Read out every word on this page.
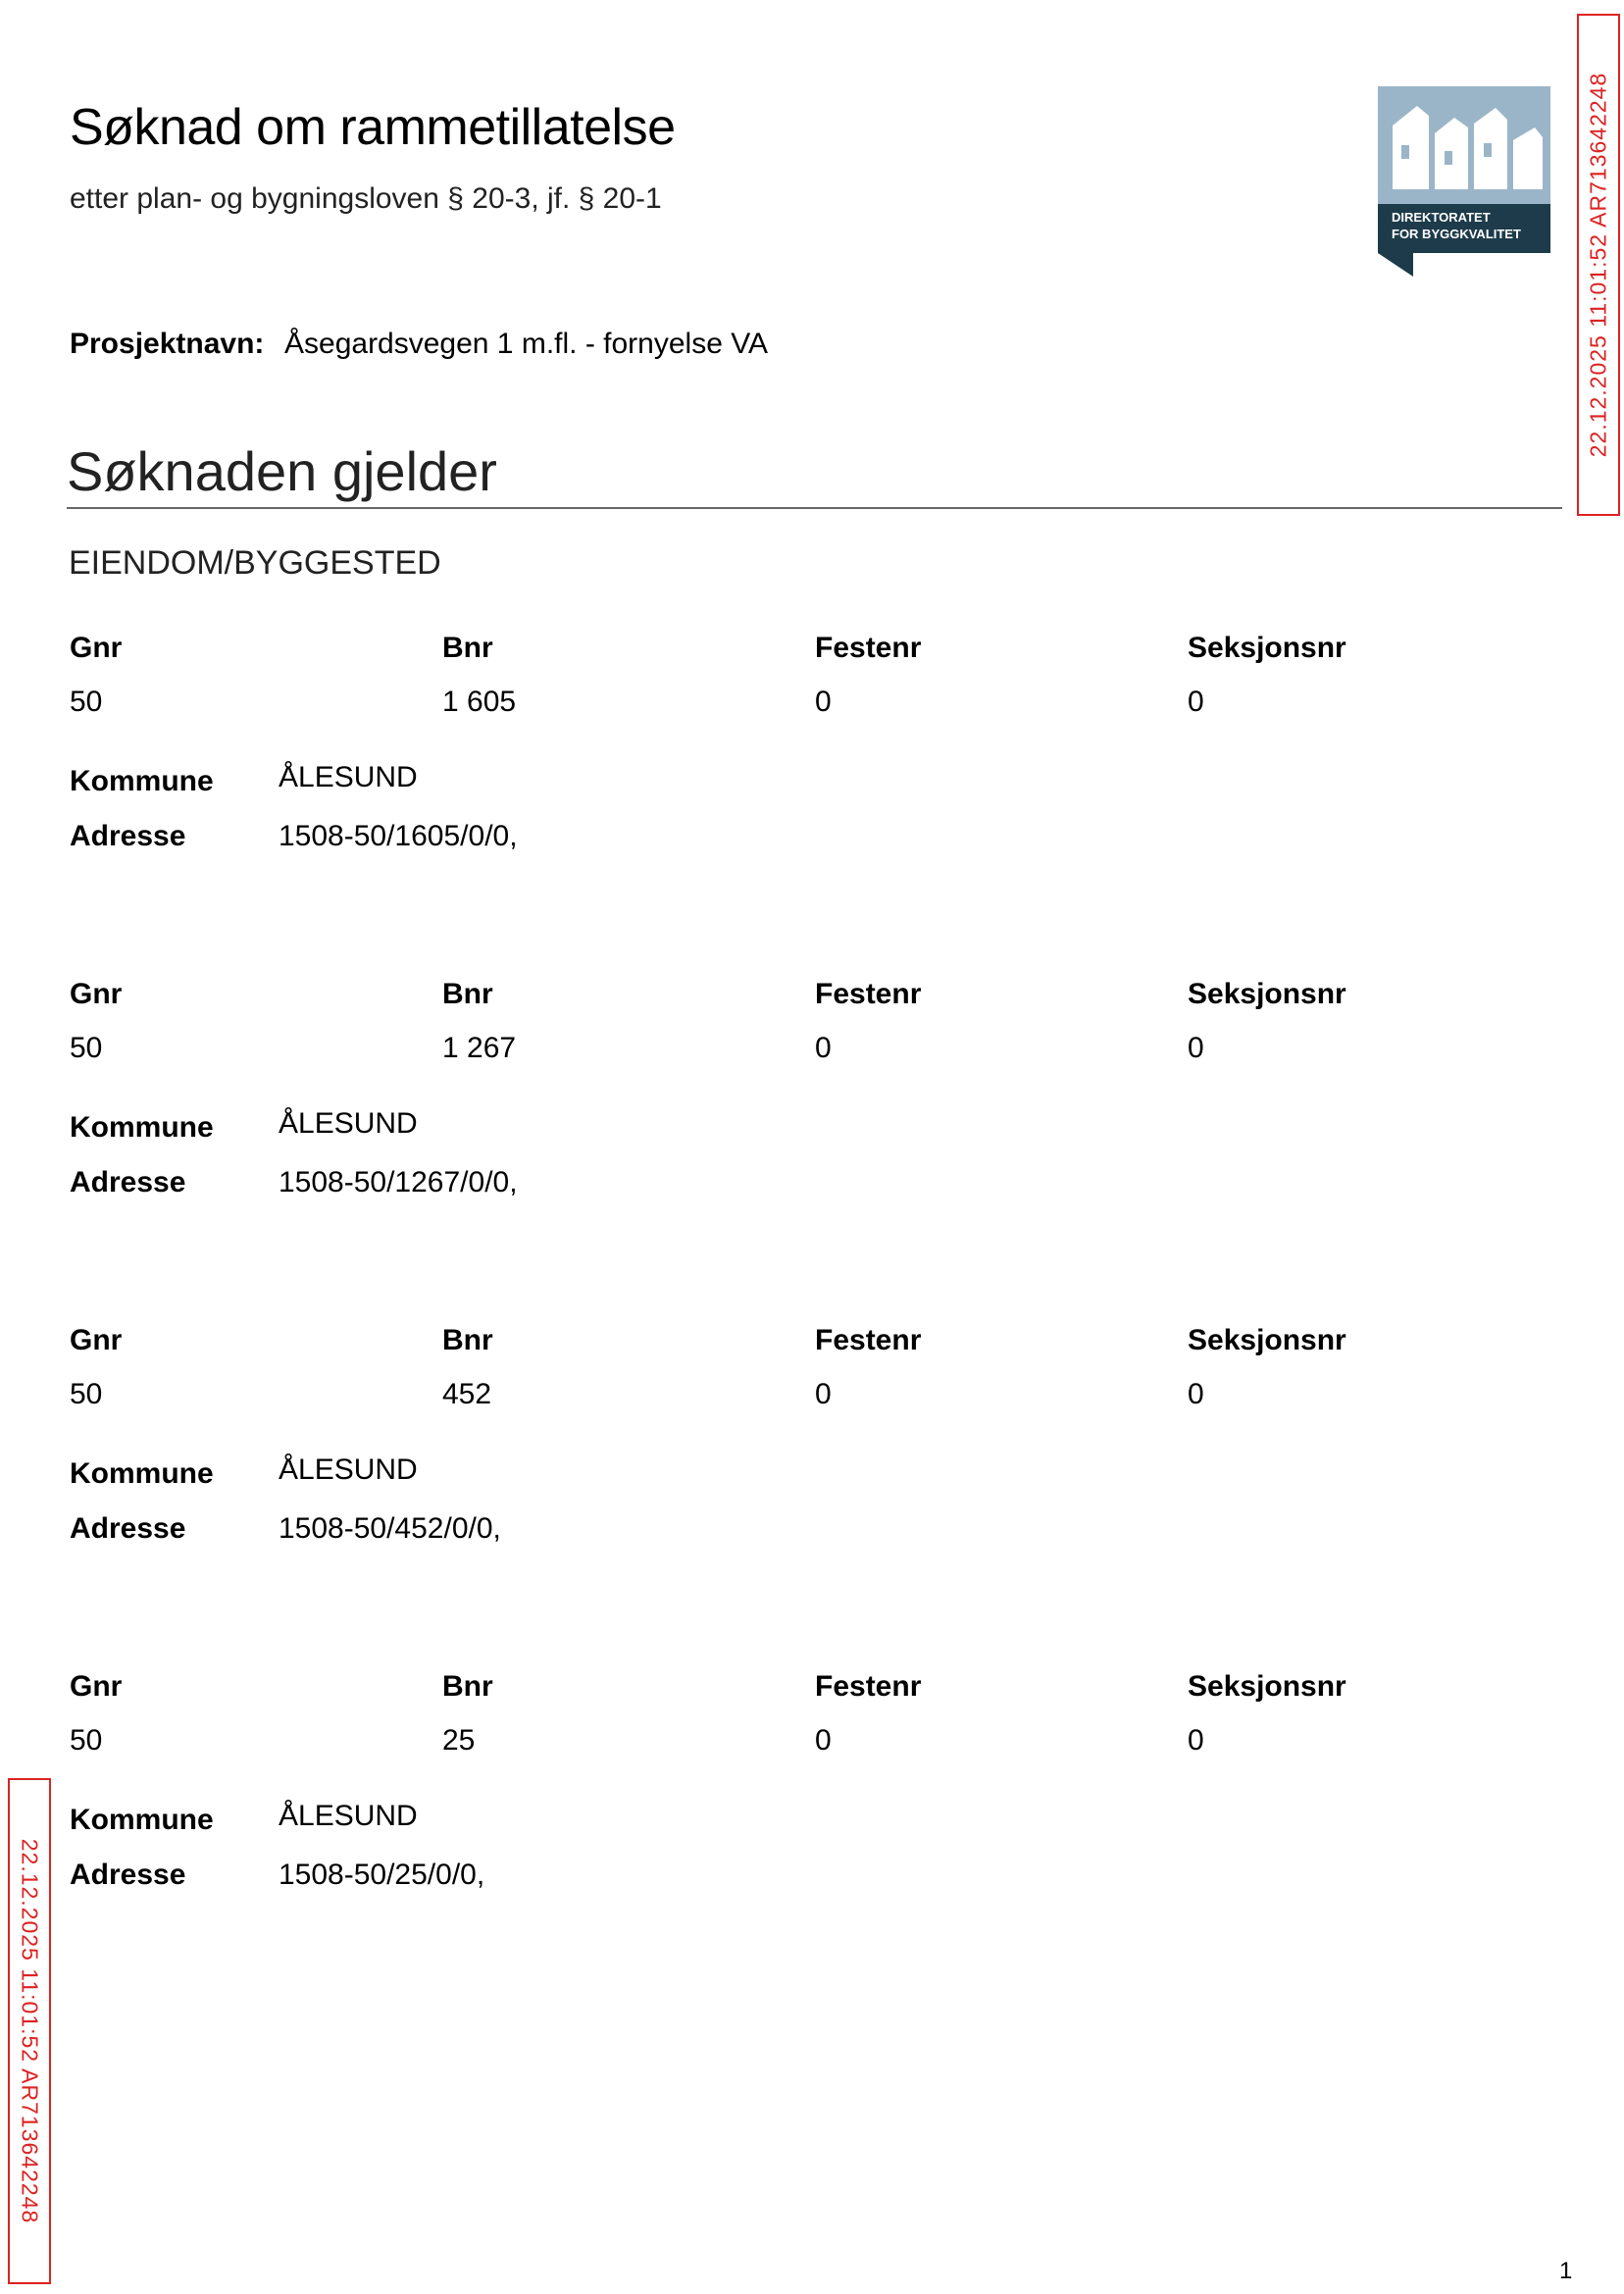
Søknad om rammetillatelse

etter plan- og bygningsloven § 20-3, jf. § 20-1

DIREKTORATET
FOR BYGGKVALITET
Prosjektnavn: Åsegardsvegen 1 m.fl. - fornyelse VA
Søknaden gjelder
EIENDOM/BYGGESTED
Gnr	Bnr	Festenr	Seksjonsnr
50	1 605	0	0
Kommune ÅLESUND
Adresse	1508-50/1605/0/0,
Gnr	Bnr	Festenr	Seksjonsnr
50	1 267	0	0
Kommune ÅLESUND
Adresse	1508-50/1267/0/0,
Gnr	Bnr	Festenr	Seksjonsnr
50	452	0	0
Kommune ÅLESUND
Adresse	1508-50/452/0/0,
Gnr	Bnr	Festenr	Seksjonsnr
50	25	0	0
Kommune ÅLESUND
Adresse	1508-50/25/0/0,
22.12.2025 11:01:52 AR713642248
22.12.2025 11:01:52 AR713642248
1
